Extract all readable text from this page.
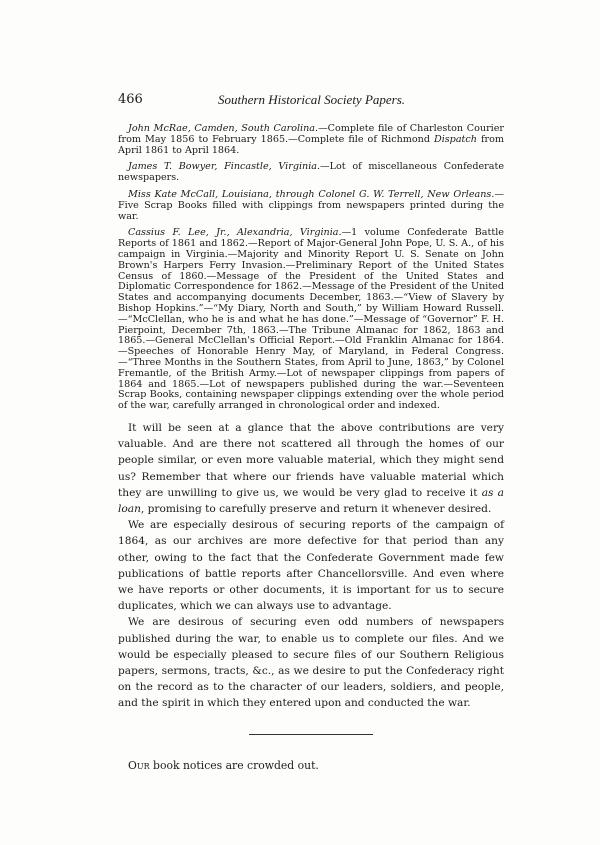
466	Southern Historical Society Papers.

John McRae, Camden, South Carolina.—Complete file of Charleston Courier from May 1856 to February 1865.—Complete file of Richmond Dispatch from April 1861 to April 1864.

James T. Bowyer, Fincastle, Virginia.—Lot of miscellaneous Confederate newspapers.

Miss Kate McCall, Louisiana, through Colonel G. W. Terrell, New Orleans.—Five Scrap Books filled with clippings from newspapers printed during the war.

Cassius F. Lee, Jr., Alexandria, Virginia.—1 volume Confederate Battle Reports of 1861 and 1862.—Report of Major-General John Pope, U. S. A., of his campaign in Virginia.—Majority and Minority Report U. S. Senate on John Brown's Harpers Ferry Invasion.—Preliminary Report of the United States Census of 1860.—Message of the President of the United States and Diplomatic Correspondence for 1862.—Message of the President of the United States and accompanying documents December, 1863.—“View of Slavery by Bishop Hopkins.”—“My Diary, North and South,” by William Howard Russell.—“McClellan, who he is and what he has done.”—Message of “Governor” F. H. Pierpoint, December 7th, 1863.—The Tribune Almanac for 1862, 1863 and 1865.—General McClellan's Official Report.—Old Franklin Almanac for 1864.—Speeches of Honorable Henry May, of Maryland, in Federal Congress.—“Three Months in the Southern States, from April to June, 1863,” by Colonel Fremantle, of the British Army.—Lot of newspaper clippings from papers of 1864 and 1865.—Lot of newspapers published during the war.—Seventeen Scrap Books, containing newspaper clippings extending over the whole period of the war, carefully arranged in chronological order and indexed.

It will be seen at a glance that the above contributions are very valuable. And are there not scattered all through the homes of our people similar, or even more valuable material, which they might send us? Remember that where our friends have valuable material which they are unwilling to give us, we would be very glad to receive it as a loan, promising to carefully preserve and return it whenever desired.

We are especially desirous of securing reports of the campaign of 1864, as our archives are more defective for that period than any other, owing to the fact that the Confederate Government made few publications of battle reports after Chancellorsville. And even where we have reports or other documents, it is important for us to secure duplicates, which we can always use to advantage.

We are desirous of securing even odd numbers of newspapers published during the war, to enable us to complete our files. And we would be especially pleased to secure files of our Southern Religious papers, sermons, tracts, &c., as we desire to put the Confederacy right on the record as to the character of our leaders, soldiers, and people, and the spirit in which they entered upon and conducted the war.

Our book notices are crowded out.
